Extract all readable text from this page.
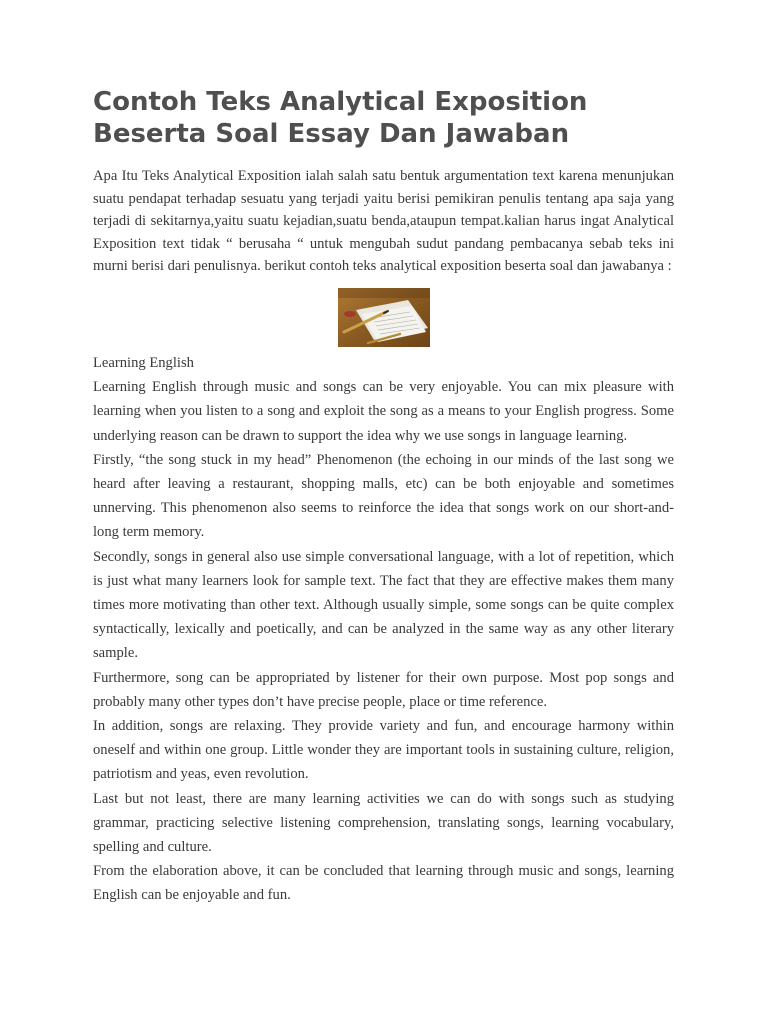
Contoh Teks Analytical Exposition
Beserta Soal Essay Dan Jawaban

Apa Itu Teks Analytical Exposition ialah salah satu bentuk argumentation text karena menunjukan suatu pendapat terhadap sesuatu yang terjadi yaitu berisi pemikiran penulis tentang apa saja yang terjadi di sekitarnya,yaitu suatu kejadian,suatu benda,ataupun tempat.kalian harus ingat Analytical Exposition text tidak “ berusaha “ untuk mengubah sudut pandang pembacanya sebab teks ini murni berisi dari penulisnya. berikut contoh teks analytical exposition beserta soal dan jawabanya :

Learning English

Learning English through music and songs can be very enjoyable. You can mix pleasure with learning when you listen to a song and exploit the song as a means to your English progress. Some underlying reason can be drawn to support the idea why we use songs in language learning.

Firstly, “the song stuck in my head” Phenomenon (the echoing in our minds of the last song we heard after leaving a restaurant, shopping malls, etc) can be both enjoyable and sometimes unnerving. This phenomenon also seems to reinforce the idea that songs work on our short-and-long term memory.

Secondly, songs in general also use simple conversational language, with a lot of repetition, which is just what many learners look for sample text. The fact that they are effective makes them many times more motivating than other text. Although usually simple, some songs can be quite complex syntactically, lexically and poetically, and can be analyzed in the same way as any other literary sample.

Furthermore, song can be appropriated by listener for their own purpose. Most pop songs and probably many other types don’t have precise people, place or time reference.

In addition, songs are relaxing. They provide variety and fun, and encourage harmony within oneself and within one group. Little wonder they are important tools in sustaining culture, religion, patriotism and yeas, even revolution.

Last but not least, there are many learning activities we can do with songs such as studying grammar, practicing selective listening comprehension, translating songs, learning vocabulary, spelling and culture.

From the elaboration above, it can be concluded that learning through music and songs, learning English can be enjoyable and fun.
